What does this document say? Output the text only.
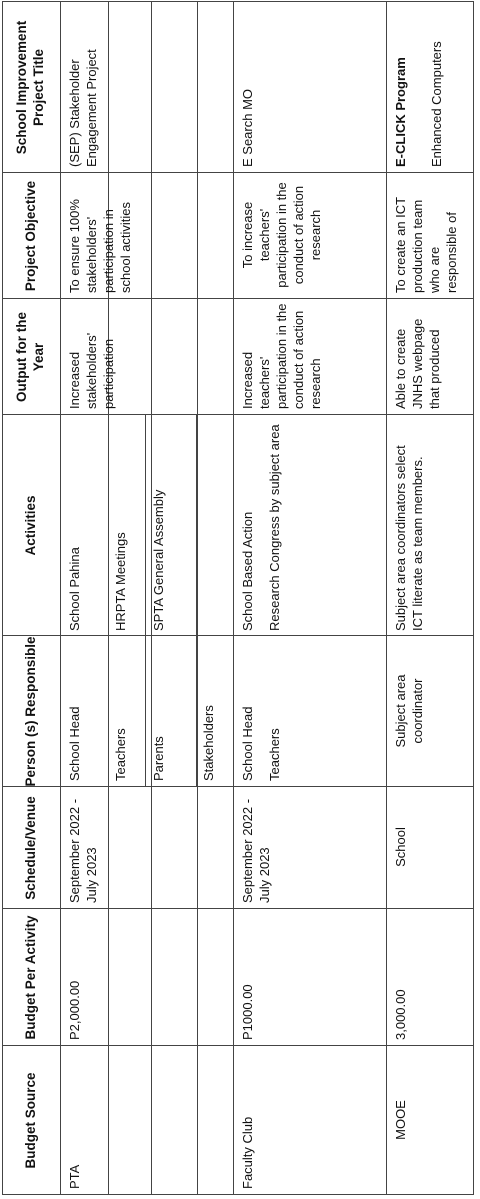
School Improvement Project Title
Project Objective
Output for the Year
Activities
Person (s) Responsible
Schedule/Venue
Budget Per Activity
Budget Source
(SEP) Stakeholder Engagement Project
To ensure 100% stakeholders' participation in school activities
Increased stakeholders' participation
School Pahina HRPTA Meetings SPTA General Assembly
School Head Teachers Parents	Stakeholders
September 2022 - July 2023
P2,000.00
PTA
E Search MO
To increase teachers' participation in the conduct of action research
Increased teachers' participation in the conduct of action research
School Based Action Research Congress by subject area
School Head Teachers
September 2022 - July 2023
P1000.00
Faculty Club
E-CLICK Program Enhanced Computers
To create an ICT production team who are responsible of
Able to create JNHS webpage that produced
Subject area coordinators select ICT literate as team members.
Subject area coordinator
School
3,000.00
MOOE
